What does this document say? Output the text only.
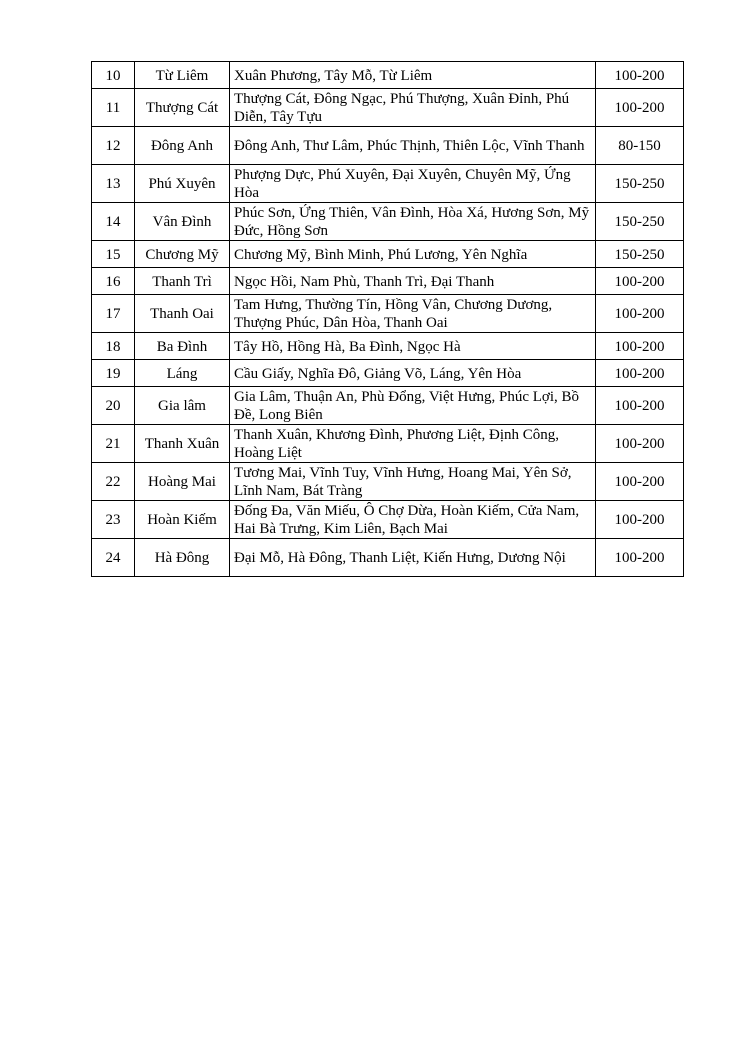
10	Từ Liêm	Xuân Phương, Tây Mỗ, Từ Liêm	100-200
11	Thượng Cát	Thượng Cát, Đông Ngạc, Phú Thượng, Xuân Đỉnh, Phú Diễn, Tây Tựu	100-200
12	Đông Anh	Đông Anh, Thư Lâm, Phúc Thịnh, Thiên Lộc, Vĩnh Thanh	80-150
13	Phú Xuyên	Phượng Dực, Phú Xuyên, Đại Xuyên, Chuyên Mỹ, Ứng Hòa	150-250
14	Vân Đình	Phúc Sơn, Ứng Thiên, Vân Đình, Hòa Xá, Hương Sơn, Mỹ Đức, Hồng Sơn	150-250
15	Chương Mỹ	Chương Mỹ, Bình Minh, Phú Lương, Yên Nghĩa	150-250
16	Thanh Trì	Ngọc Hồi, Nam Phù, Thanh Trì, Đại Thanh	100-200
17	Thanh Oai	Tam Hưng, Thường Tín, Hồng Vân, Chương Dương, Thượng Phúc, Dân Hòa, Thanh Oai	100-200
18	Ba Đình	Tây Hồ, Hồng Hà, Ba Đình, Ngọc Hà	100-200
19	Láng	Cầu Giấy, Nghĩa Đô, Giảng Võ, Láng, Yên Hòa	100-200
20	Gia lâm	Gia Lâm, Thuận An, Phù Đổng, Việt Hưng, Phúc Lợi, Bồ Đề, Long Biên	100-200
21	Thanh Xuân	Thanh Xuân, Khương Đình, Phương Liệt, Định Công, Hoàng Liệt	100-200
22	Hoàng Mai	Tương Mai, Vĩnh Tuy, Vĩnh Hưng, Hoang Mai, Yên Sở, Lĩnh Nam, Bát Tràng	100-200
23	Hoàn Kiếm	Đống Đa, Văn Miếu, Ô Chợ Dừa, Hoàn Kiếm, Cửa Nam, Hai Bà Trưng, Kim Liên, Bạch Mai	100-200
24	Hà Đông	Đại Mỗ, Hà Đông, Thanh Liệt, Kiến Hưng, Dương Nội	100-200
